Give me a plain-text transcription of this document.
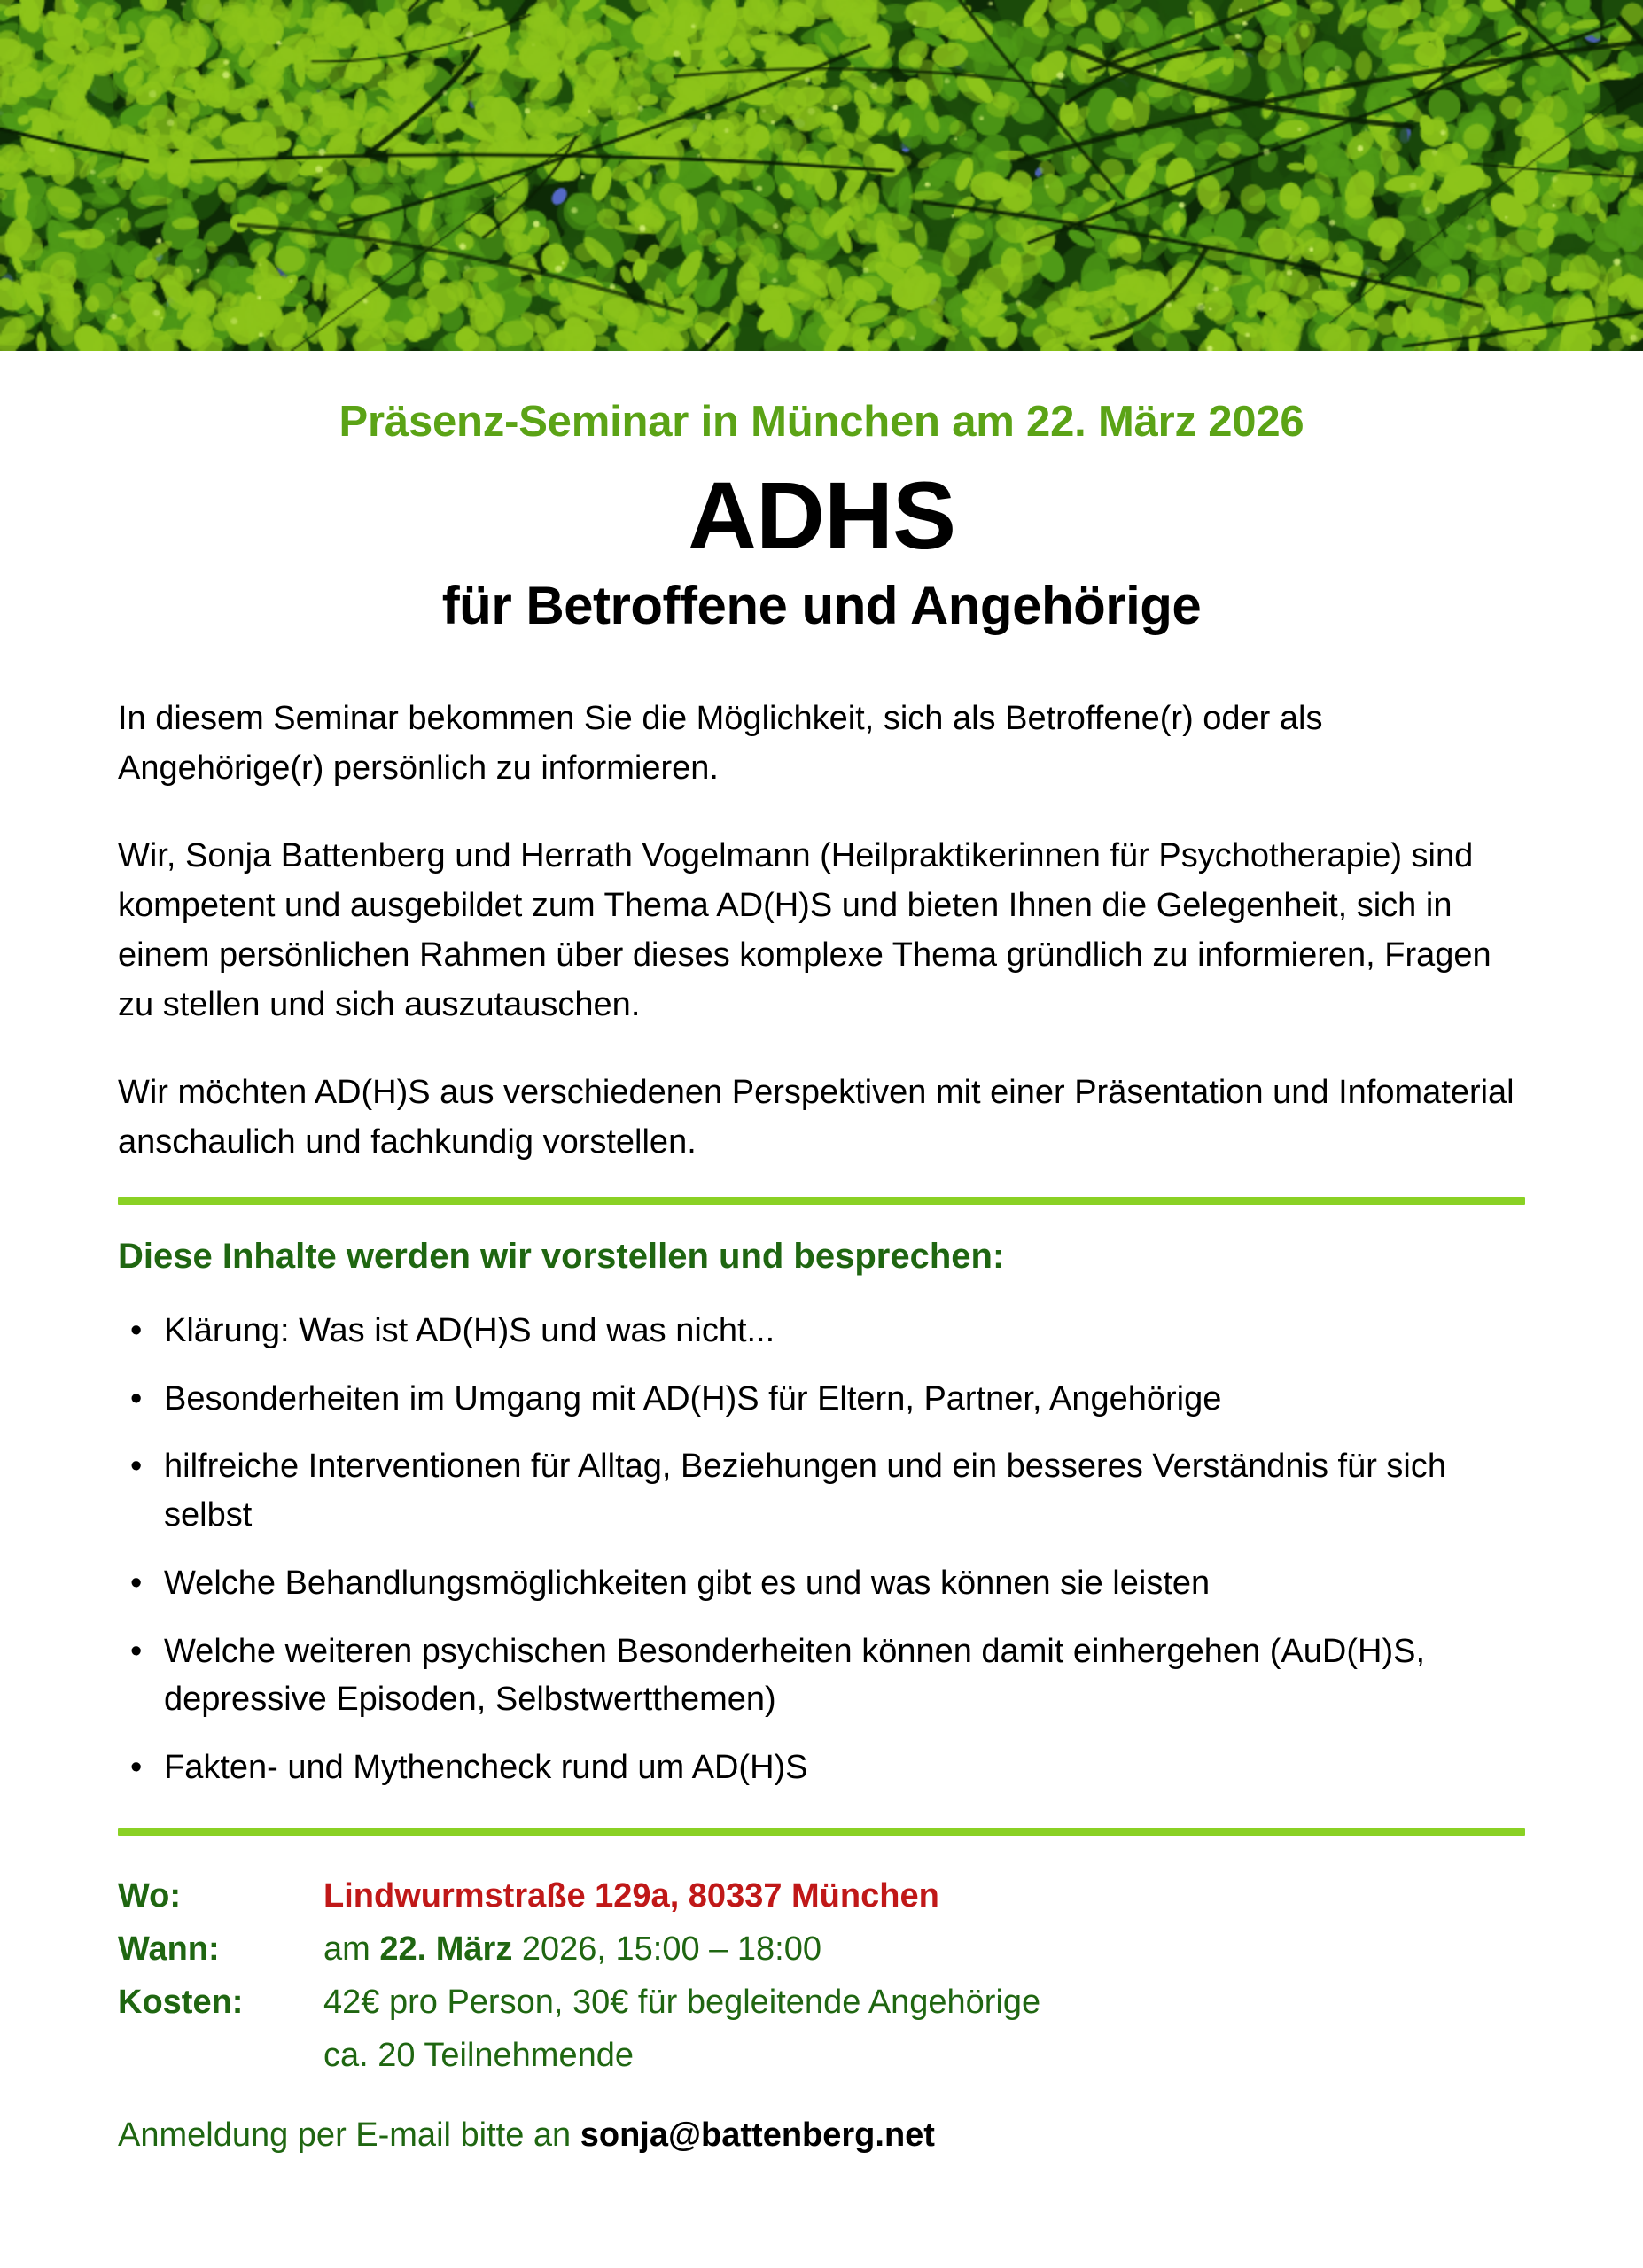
Präsenz-Seminar in München am 22. März 2026
ADHS
für Betroffene und Angehörige

In diesem Seminar bekommen Sie die Möglichkeit, sich als Betroffene(r) oder als Angehörige(r) persönlich zu informieren.

Wir, Sonja Battenberg und Herrath Vogelmann (Heilpraktikerinnen für Psychotherapie) sind kompetent und ausgebildet zum Thema AD(H)S und bieten Ihnen die Gelegenheit, sich in einem persönlichen Rahmen über dieses komplexe Thema gründlich zu informieren, Fragen zu stellen und sich auszutauschen.

Wir möchten AD(H)S aus verschiedenen Perspektiven mit einer Präsentation und Infomaterial anschaulich und fachkundig vorstellen.

Diese Inhalte werden wir vorstellen und besprechen:
• Klärung: Was ist AD(H)S und was nicht...
• Besonderheiten im Umgang mit AD(H)S für Eltern, Partner, Angehörige
• hilfreiche Interventionen für Alltag, Beziehungen und ein besseres Verständnis für sich selbst
• Welche Behandlungsmöglichkeiten gibt es und was können sie leisten
• Welche weiteren psychischen Besonderheiten können damit einhergehen (AuD(H)S, depressive Episoden, Selbstwertthemen)
• Fakten- und Mythencheck rund um AD(H)S
Wo:	Lindwurmstraße 129a, 80337 München
Wann:	am 22. März 2026, 15:00 – 18:00
Kosten:	42€ pro Person, 30€ für begleitende Angehörige
ca. 20 Teilnehmende
Anmeldung per E-mail bitte an sonja@battenberg.net
